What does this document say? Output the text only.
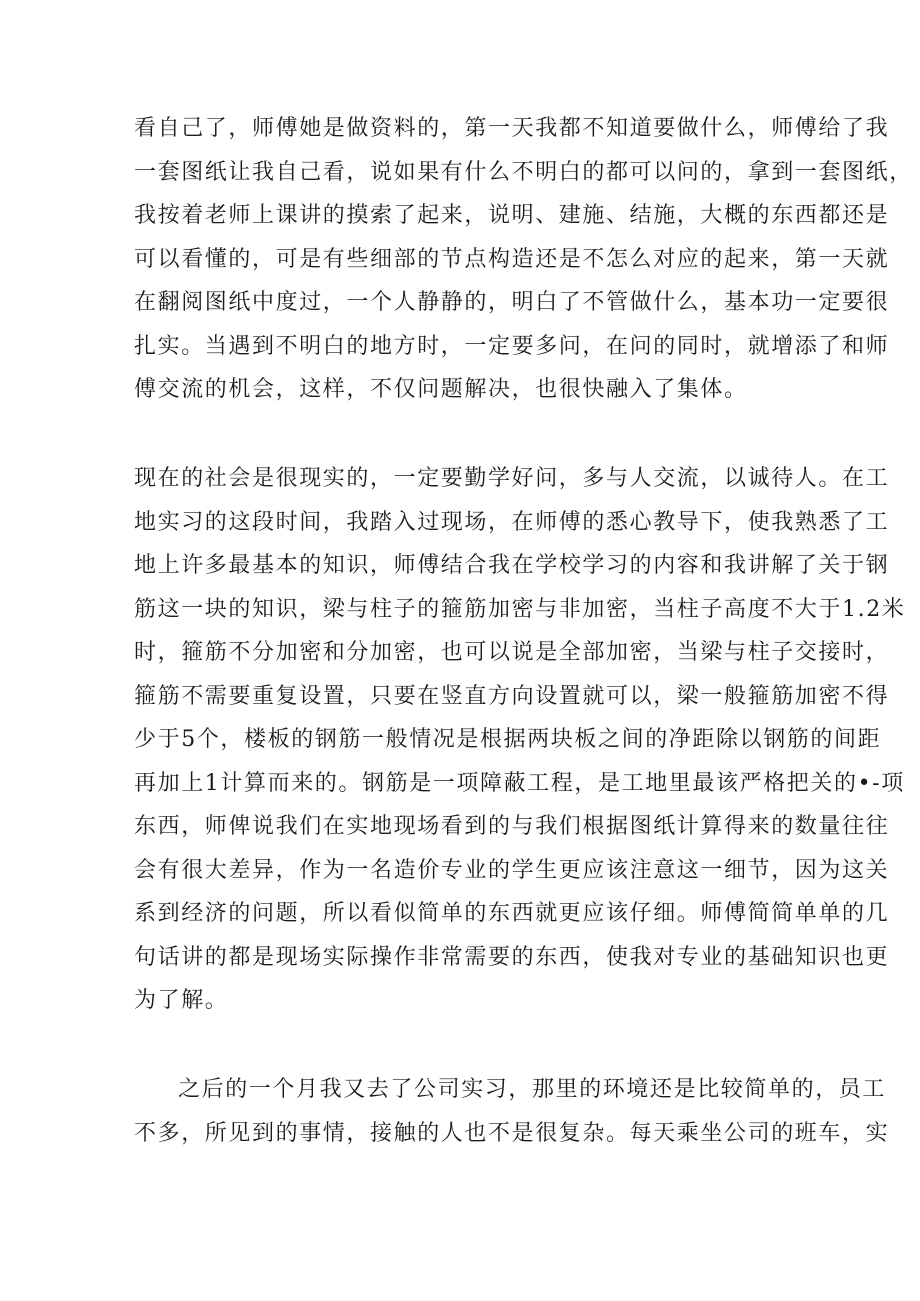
看自己了，师傅她是做资料的，第一天我都不知道要做什么，师傅给了我
一套图纸让我自己看，说如果有什么不明白的都可以问的，拿到一套图纸，
我按着老师上课讲的摸索了起来，说明、建施、结施，大概的东西都还是
可以看懂的，可是有些细部的节点构造还是不怎么对应的起来，第一天就
在翻阅图纸中度过，一个人静静的，明白了不管做什么，基本功一定要很
扎实。当遇到不明白的地方时，一定要多问，在问的同时，就增添了和师
傅交流的机会，这样，不仅问题解决，也很快融入了集体。

现在的社会是很现实的，一定要勤学好问，多与人交流，以诚待人。在工
地实习的这段时间，我踏入过现场，在师傅的悉心教导下，使我熟悉了工
地上许多最基本的知识，师傅结合我在学校学习的内容和我讲解了关于钢
筋这一块的知识，梁与柱子的箍筋加密与非加密，当柱子高度不大于1.2米
时，箍筋不分加密和分加密，也可以说是全部加密，当梁与柱子交接时，
箍筋不需要重复设置，只要在竖直方向设置就可以，梁一般箍筋加密不得
少于5个，楼板的钢筋一般情况是根据两块板之间的净距除以钢筋的间距
再加上1计算而来的。钢筋是一项障蔽工程，是工地里最该严格把关的•-项
东西，师俾说我们在实地现场看到的与我们根据图纸计算得来的数量往往
会有很大差异，作为一名造价专业的学生更应该注意这一细节，因为这关
系到经济的问题，所以看似简单的东西就更应该仔细。师傅简简单单的几
句话讲的都是现场实际操作非常需要的东西，使我对专业的基础知识也更
为了解。

之后的一个月我又去了公司实习，那里的环境还是比较简单的，员工
不多，所见到的事情，接触的人也不是很复杂。每天乘坐公司的班车，实
